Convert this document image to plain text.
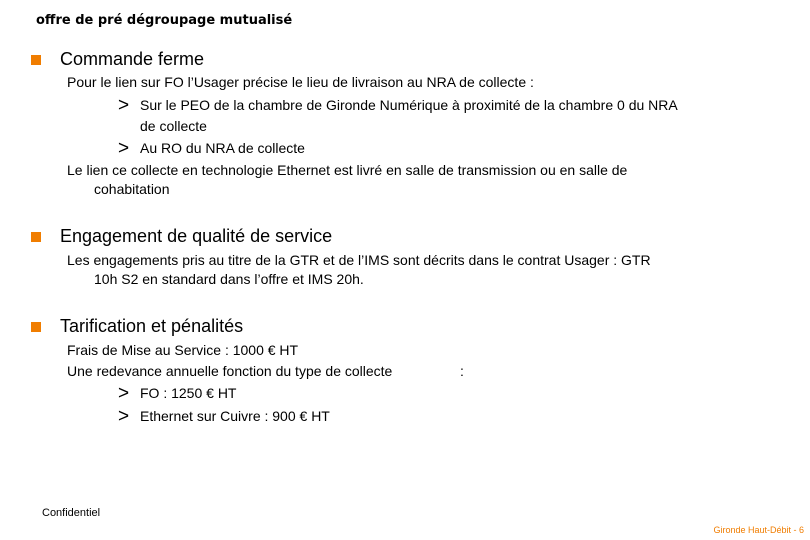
offre de pré dégroupage mutualisé
Commande ferme
Pour le lien sur FO l’Usager précise le lieu de livraison au NRA de collecte :
> Sur le PEO de la chambre de Gironde Numérique à proximité de la chambre 0 du NRA
de collecte
> Au RO du NRA de collecte
Le lien ce collecte en technologie Ethernet est livré en salle de transmission ou en salle de
cohabitation
Engagement de qualité de service
Les engagements pris au titre de la GTR et de l’IMS sont décrits dans le contrat Usager : GTR
10h S2 en standard dans l’offre et IMS 20h.
Tarification et pénalités
Frais de Mise au Service : 1000 € HT
Une redevance annuelle fonction du type de collecte	:
> FO : 1250 € HT
> Ethernet sur Cuivre : 900 € HT
Confidentiel
Gironde Haut-Débit - 6
